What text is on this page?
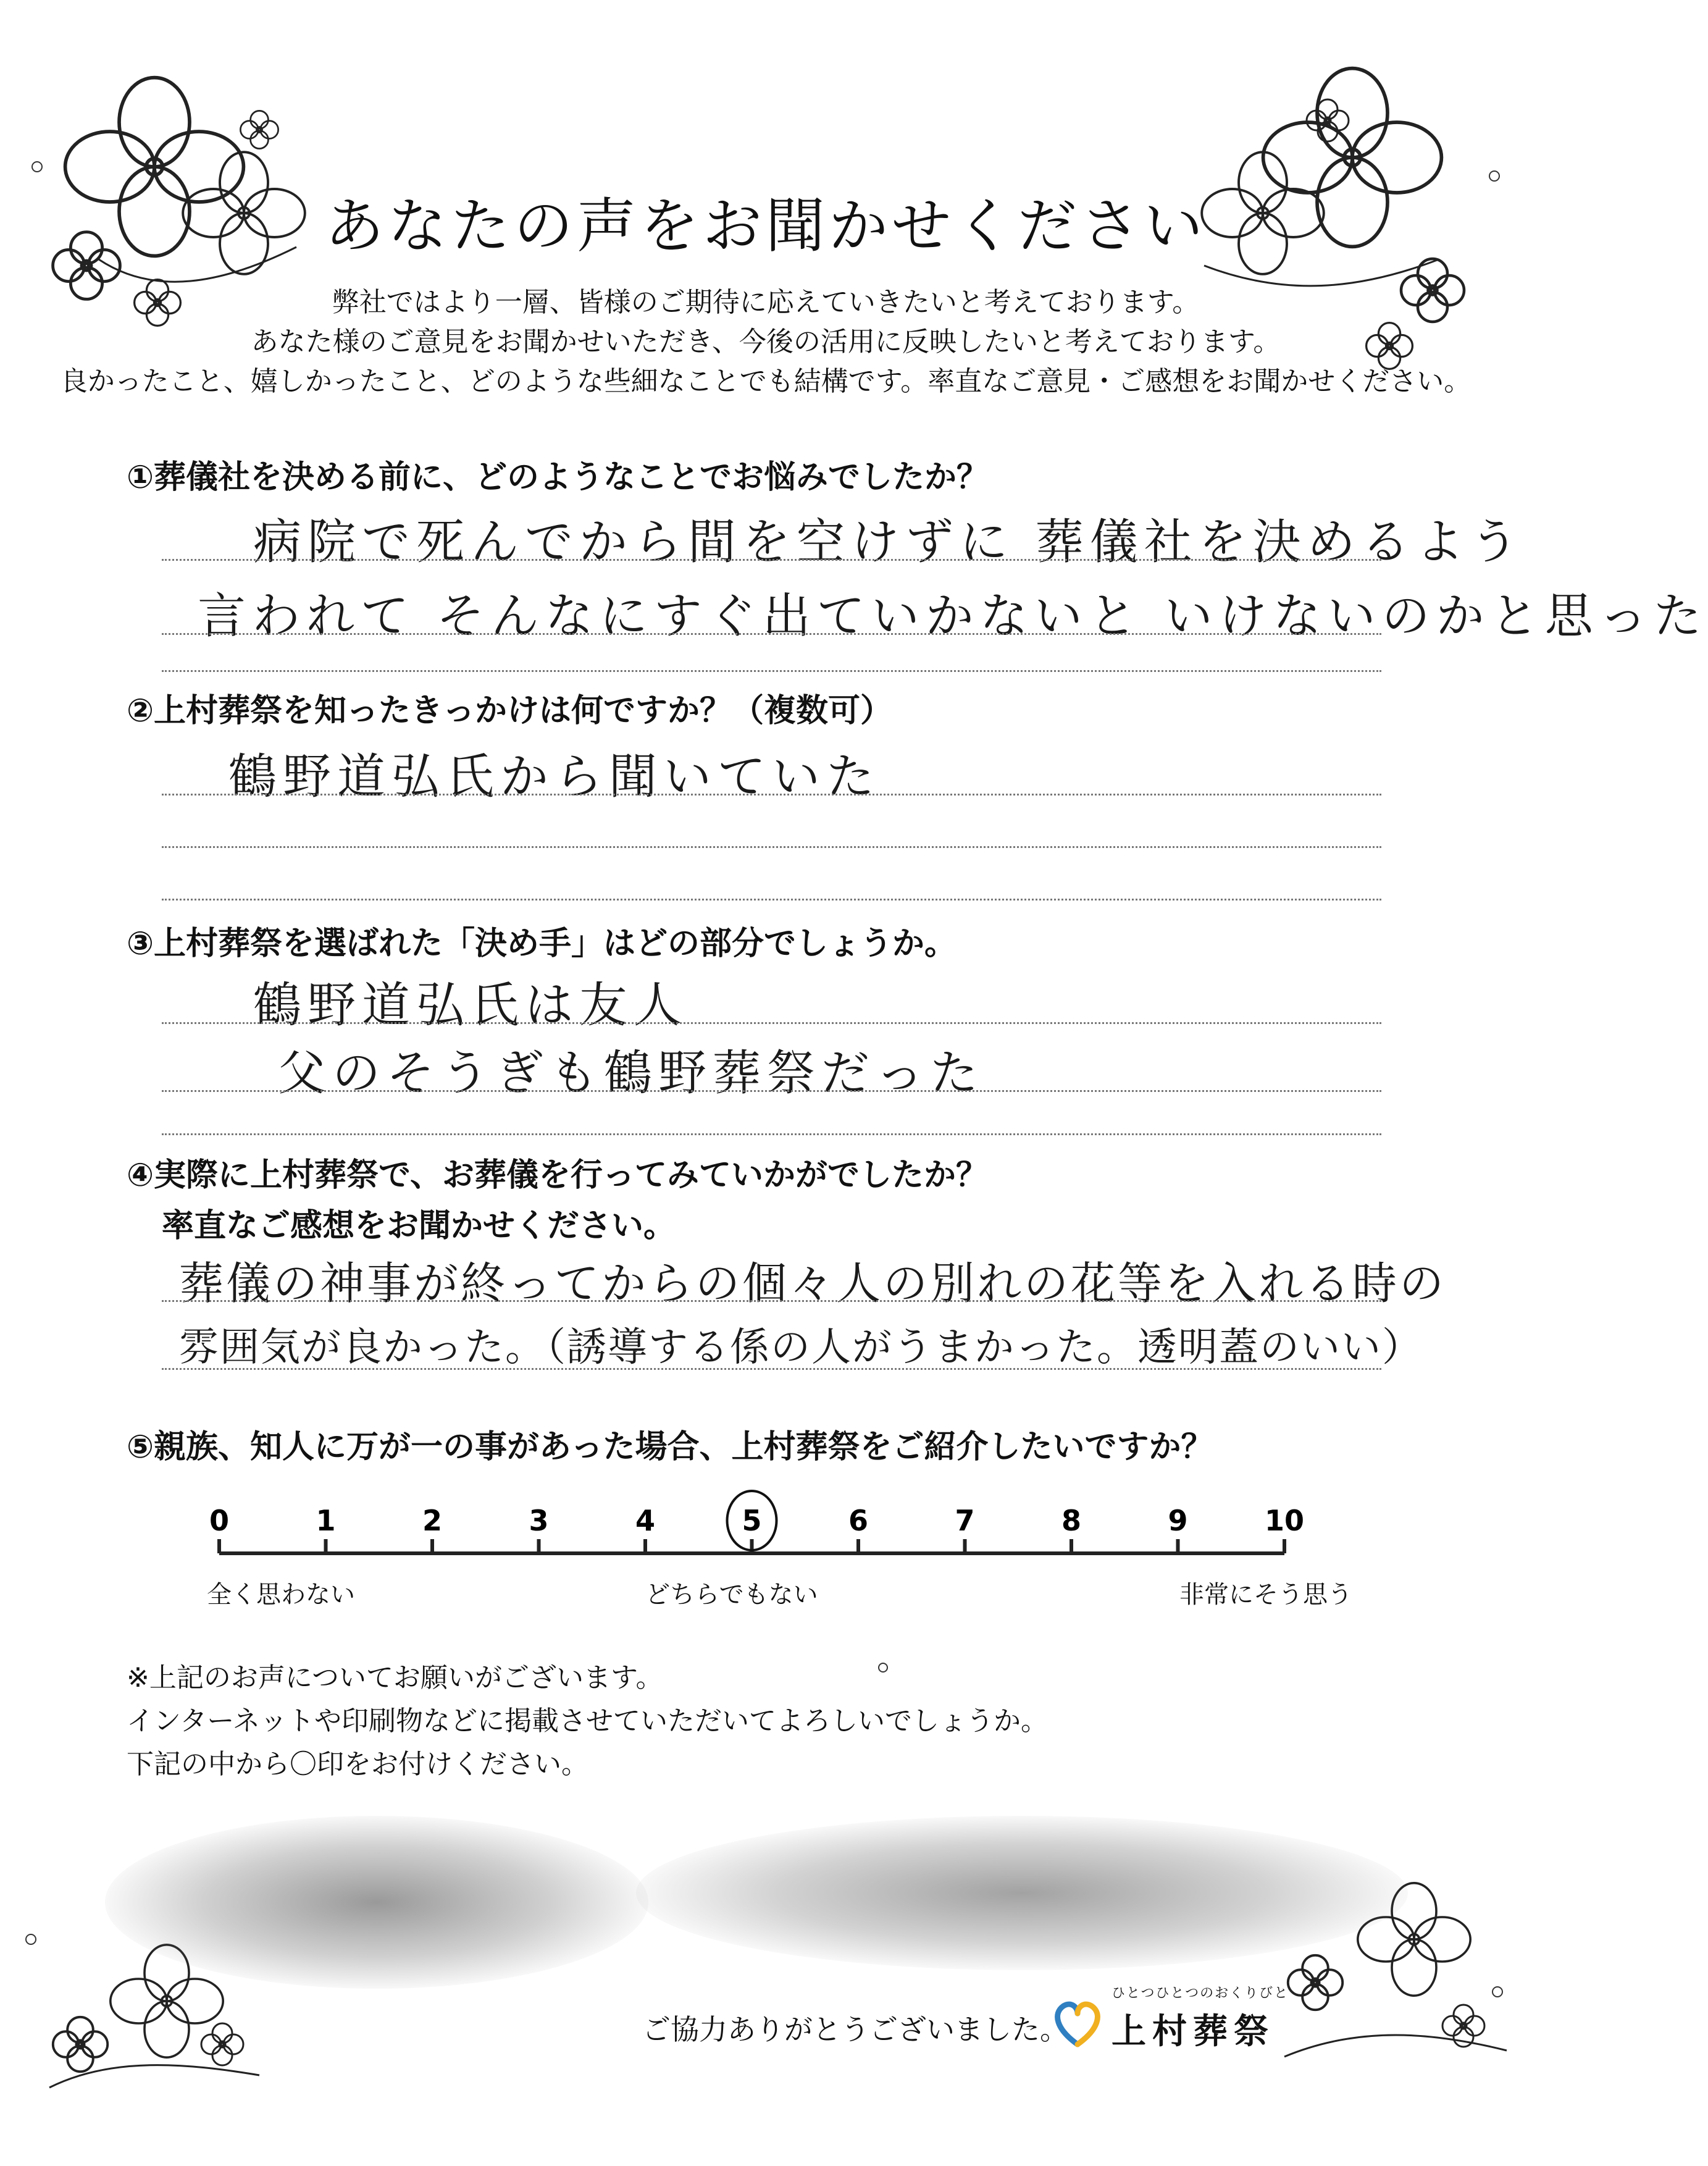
あなたの声をお聞かせください
弊社ではより一層、皆様のご期待に応えていきたいと考えております。
あなた様のご意見をお聞かせいただき、今後の活用に反映したいと考えております。
良かったこと、嬉しかったこと、どのような些細なことでも結構です。率直なご意見・ご感想をお聞かせください。
①葬儀社を決める前に、どのようなことでお悩みでしたか？
病院で死んでから間を空けずに 葬儀社を決めるよう
言われて そんなにすぐ出ていかないと いけないのかと思った
②上村葬祭を知ったきっかけは何ですか？（複数可）
鶴野道弘氏から聞いていた
③上村葬祭を選ばれた「決め手」はどの部分でしょうか。
鶴野道弘氏は友人
父のそうぎも鶴野葬祭だった
④実際に上村葬祭で、お葬儀を行ってみていかがでしたか？
率直なご感想をお聞かせください。
葬儀の神事が終ってからの個々人の別れの花等を入れる時の
雰囲気が良かった。（誘導する係の人がうまかった。透明蓋のいい）
⑤親族、知人に万が一の事があった場合、上村葬祭をご紹介したいですか？
0	1	2	3	4	5	6	7	8	9	10
全く思わない	どちらでもない	非常にそう思う
※上記のお声についてお願いがございます。
インターネットや印刷物などに掲載させていただいてよろしいでしょうか。
下記の中から〇印をお付けください。
ご協力ありがとうございました。
ひとつひとつのおくりびと
上村葬祭
